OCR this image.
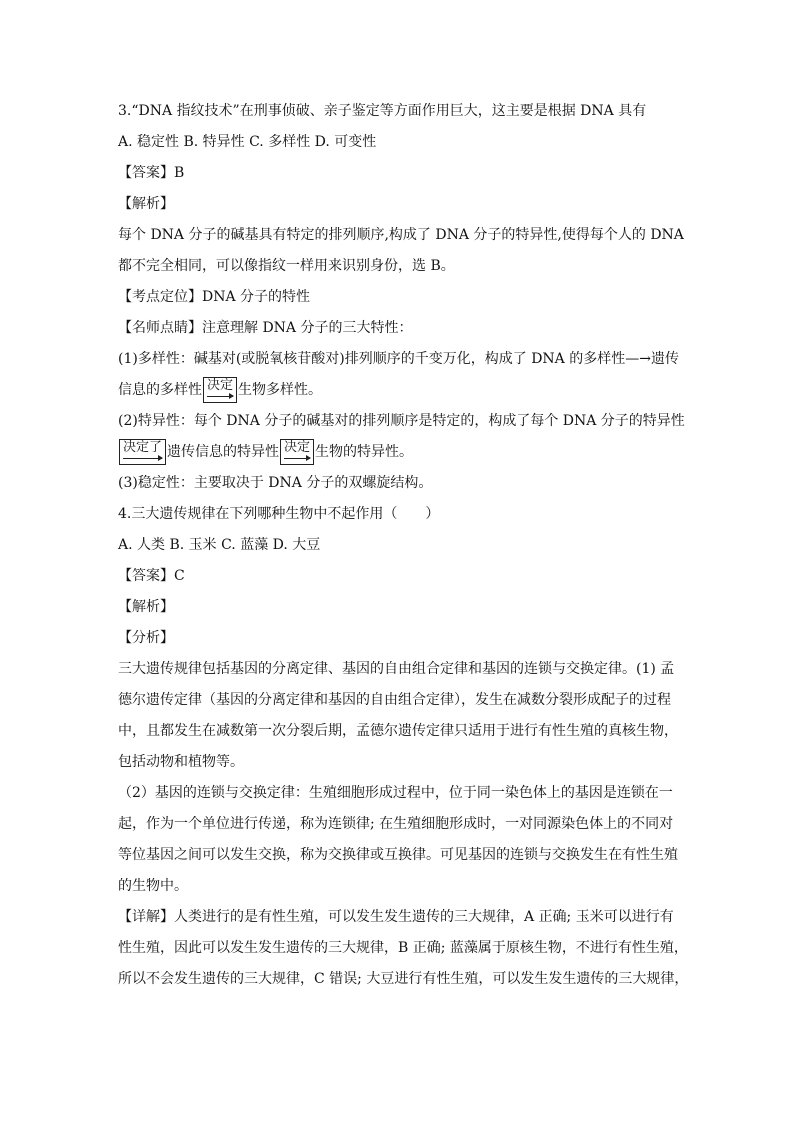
3.“DNA 指纹技术”在刑事侦破、亲子鉴定等方面作用巨大，这主要是根据 DNA 具有

A. 稳定性 B. 特异性 C. 多样性 D. 可变性

【答案】B

【解析】

每个 DNA 分子的碱基具有特定的排列顺序,构成了 DNA 分子的特异性,使得每个人的 DNA

都不完全相同，可以像指纹一样用来识别身份，选 B。

【考点定位】DNA 分子的特性

【名师点睛】注意理解 DNA 分子的三大特性：

(1)多样性：碱基对(或脱氧核苷酸对)排列顺序的千变万化，构成了 DNA 的多样性—→遗传

信息的多样性 决定 生物多样性。

(2)特异性：每个 DNA 分子的碱基对的排列顺序是特定的，构成了每个 DNA 分子的特异性

决定了 遗传信息的特异性 决定 生物的特异性。

(3)稳定性：主要取决于 DNA 分子的双螺旋结构。

4.三大遗传规律在下列哪种生物中不起作用（　　）

A. 人类 B. 玉米 C. 蓝藻 D. 大豆

【答案】C

【解析】

【分析】

三大遗传规律包括基因的分离定律、基因的自由组合定律和基因的连锁与交换定律。(1) 孟

德尔遗传定律（基因的分离定律和基因的自由组合定律），发生在减数分裂形成配子的过程

中，且都发生在减数第一次分裂后期，孟德尔遗传定律只适用于进行有性生殖的真核生物，

包括动物和植物等。

（2）基因的连锁与交换定律：生殖细胞形成过程中，位于同一染色体上的基因是连锁在一

起，作为一个单位进行传递，称为连锁律; 在生殖细胞形成时，一对同源染色体上的不同对

等位基因之间可以发生交换，称为交换律或互换律。可见基因的连锁与交换发生在有性生殖

的生物中。

【详解】人类进行的是有性生殖，可以发生发生遗传的三大规律，A 正确; 玉米可以进行有

性生殖，因此可以发生发生遗传的三大规律，B 正确; 蓝藻属于原核生物，不进行有性生殖，

所以不会发生遗传的三大规律，C 错误; 大豆进行有性生殖，可以发生发生遗传的三大规律，
